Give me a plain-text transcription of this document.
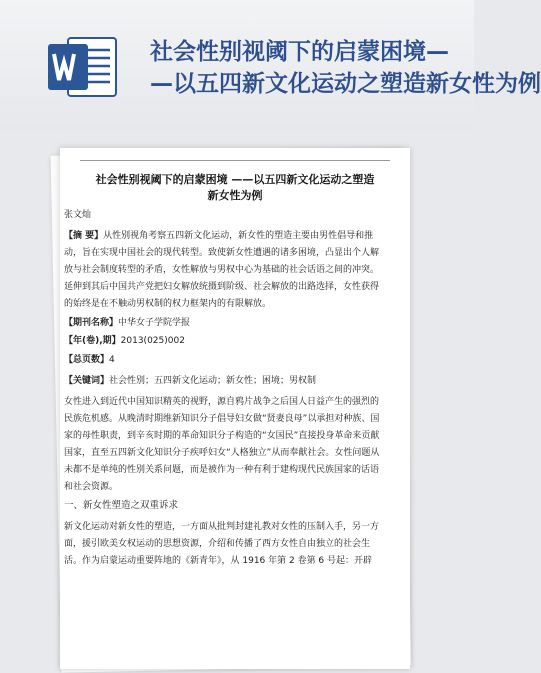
社会性别视阈下的启蒙困境—
—以五四新文化运动之塑造新女性为例
社会性别视阈下的启蒙困境 ——以五四新文化运动之塑造
新女性为例
张文灿
【摘 要】从性别视角考察五四新文化运动，新女性的塑造主要由男性倡导和推动，旨在实现中国社会的现代转型。致使新女性遭遇的诸多困境，凸显出个人解放与社会制度转型的矛盾，女性解放与男权中心为基础的社会话语之间的冲突。延伸到其后中国共产党把妇女解放统摄到阶级、社会解放的出路选择，女性获得的始终是在不触动男权制的权力框架内的有限解放。
【期刊名称】中华女子学院学报
【年(卷),期】2013(025)002
【总页数】4
【关键词】社会性别；五四新文化运动；新女性；困境；男权制
女性进入到近代中国知识精英的视野，源自鸦片战争之后国人日益产生的强烈的民族危机感。从晚清时期维新知识分子倡导妇女做“贤妻良母”以承担对种族、国家的母性职责，到辛亥时期的革命知识分子构造的“女国民”直接投身革命来贡献国家，直至五四新文化知识分子疾呼妇女“人格独立”从而奉献社会。女性问题从未都不是单纯的性别关系问题，而是被作为一种有利于建构现代民族国家的话语和社会资源。
一、新女性塑造之双重诉求
新文化运动对新女性的塑造，一方面从批判封建礼教对女性的压制入手，另一方面，援引欧美女权运动的思想资源，介绍和传播了西方女性自由独立的社会生活。作为启蒙运动重要阵地的《新青年》，从 1916 年第 2 卷第 6 号起：开辟
